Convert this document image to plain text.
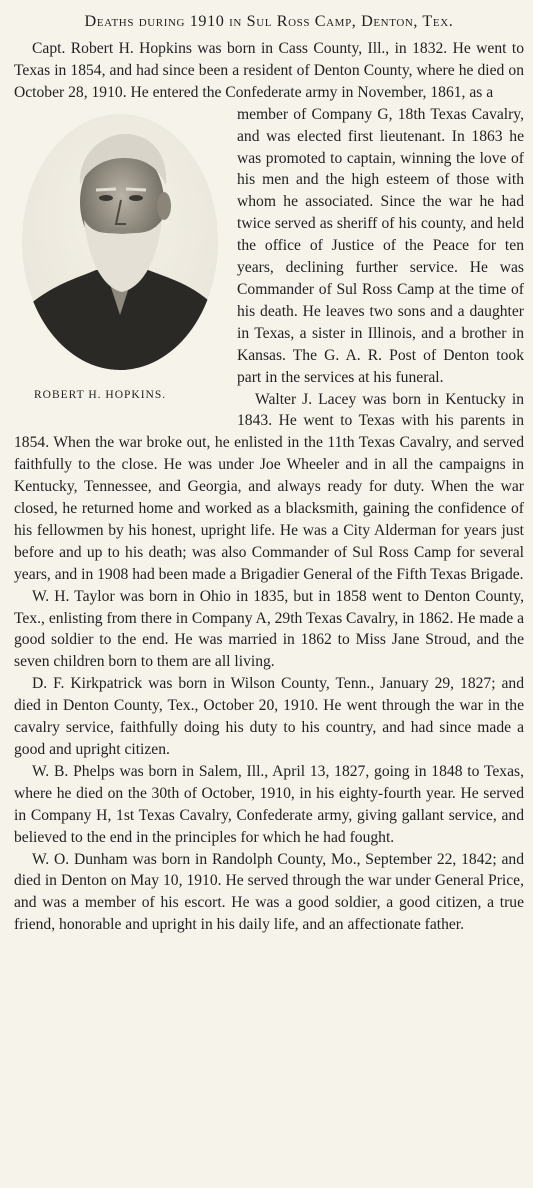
Deaths during 1910 in Sul Ross Camp, Denton, Tex.

Capt. Robert H. Hopkins was born in Cass County, Ill., in 1832. He went to Texas in 1854, and had since been a resident of Denton County, where he died on October 28, 1910. He entered the Confederate army in November, 1861, as a

ROBERT H. HOPKINS.

member of Company G, 18th Texas Cavalry, and was elected first lieutenant. In 1863 he was promoted to captain, winning the love of his men and the high esteem of those with whom he associated. Since the war he had twice served as sheriff of his county, and held the office of Justice of the Peace for ten years, declining further service. He was Commander of Sul Ross Camp at the time of his death. He leaves two sons and a daughter in Texas, a sister in Illinois, and a brother in Kansas. The G. A. R. Post of Denton took part in the services at his funeral.

Walter J. Lacey was born in Kentucky in 1843. He went to Texas with his parents in 1854. When the war broke out, he enlisted in the 11th Texas Cavalry, and served faithfully to the close. He was under Joe Wheeler and in all the campaigns in Kentucky, Tennessee, and Georgia, and always ready for duty. When the war closed, he returned home and worked as a blacksmith, gaining the confidence of his fellowmen by his honest, upright life. He was a City Alderman for years just before and up to his death; was also Commander of Sul Ross Camp for several years, and in 1908 had been made a Brigadier General of the Fifth Texas Brigade.

W. H. Taylor was born in Ohio in 1835, but in 1858 went to Denton County, Tex., enlisting from there in Company A, 29th Texas Cavalry, in 1862. He made a good soldier to the end. He was married in 1862 to Miss Jane Stroud, and the seven children born to them are all living.

D. F. Kirkpatrick was born in Wilson County, Tenn., January 29, 1827; and died in Denton County, Tex., October 20, 1910. He went through the war in the cavalry service, faithfully doing his duty to his country, and had since made a good and upright citizen.

W. B. Phelps was born in Salem, Ill., April 13, 1827, going in 1848 to Texas, where he died on the 30th of October, 1910, in his eighty-fourth year. He served in Company H, 1st Texas Cavalry, Confederate army, giving gallant service, and believed to the end in the principles for which he had fought.

W. O. Dunham was born in Randolph County, Mo., September 22, 1842; and died in Denton on May 10, 1910. He served through the war under General Price, and was a member of his escort. He was a good soldier, a good citizen, a true friend, honorable and upright in his daily life, and an affectionate father.
